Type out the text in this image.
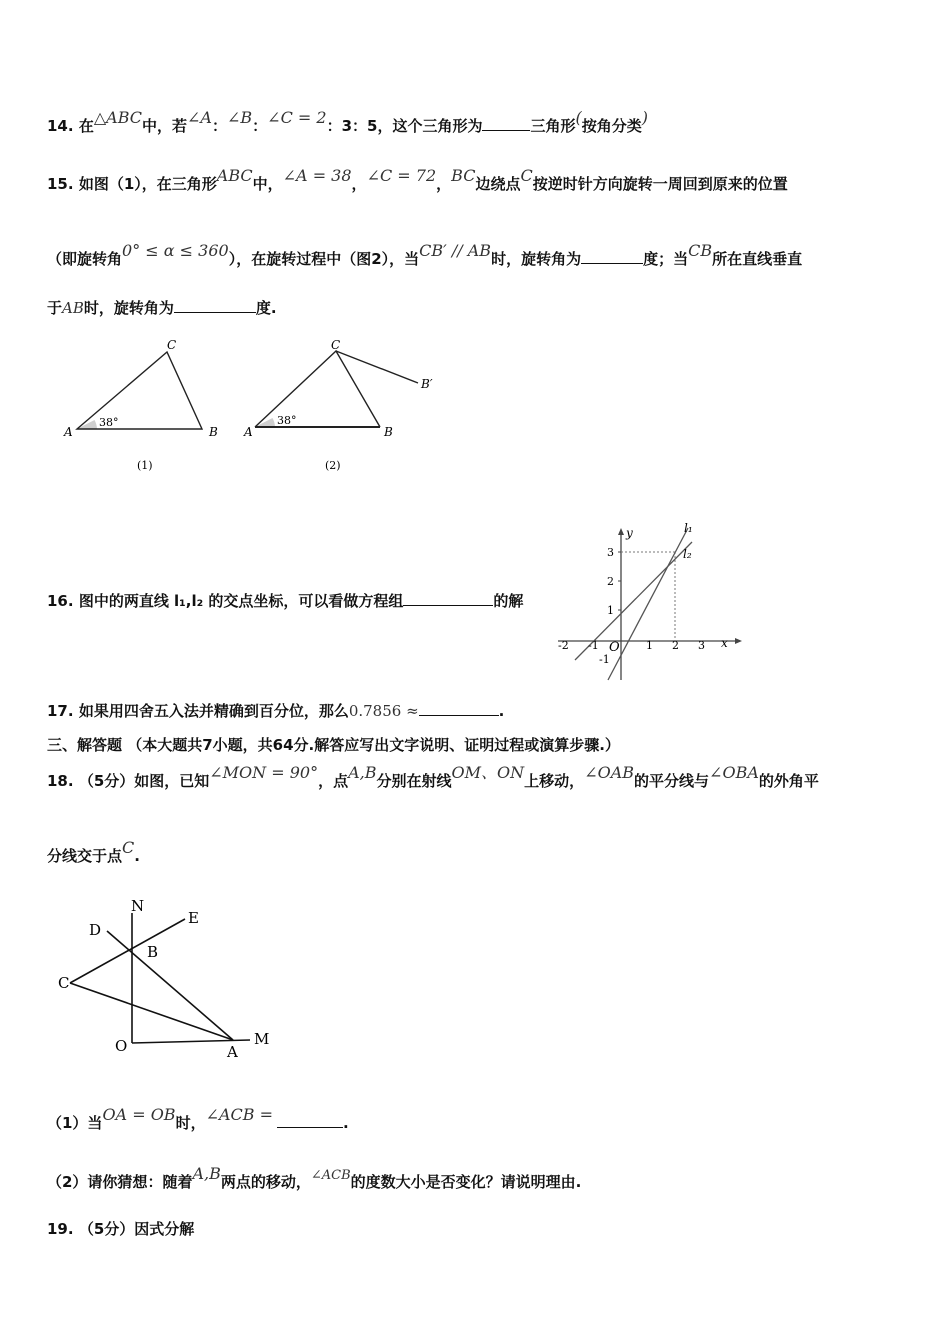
14. 在△ABC中，若∠A：∠B：∠C = 2：3：5，这个三角形为	三角形(按角分类)
15. 如图（1），在三角形ABC中，∠A = 38，∠C = 72，BC边绕点C按逆时针方向旋转一周回到原来的位置
（即旋转角0° ≤ α ≤ 360），在旋转过程中（图2），当CB′ // AB时，旋转角为	度；当CB所在直线垂直
于AB时，旋转角为	度.
A	B
C
38°
(1)
A	B
C
B′
38°
(2)
16. 图中的两直线 l₁,l₂ 的交点坐标，可以看做方程组	的解
y
x
l₁
l₂
3
2
1
-1
-2 -1 O 1 2 3
17. 如果用四舍五入法并精确到百分位，那么0.7856 ≈	.
三、解答题 （本大题共7小题，共64分.解答应写出文字说明、证明过程或演算步骤.）
18. （5分）如图，已知∠MON = 90°，点A,B分别在射线OM、ON上移动，∠OAB的平分线与∠OBA的外角平
分线交于点C.
N
E
D
B
C
O	A
M
（1）当OA = OB时，∠ACB =	.
（2）请你猜想：随着A,B两点的移动，∠ACB的度数大小是否变化？请说明理由.
19. （5分）因式分解
